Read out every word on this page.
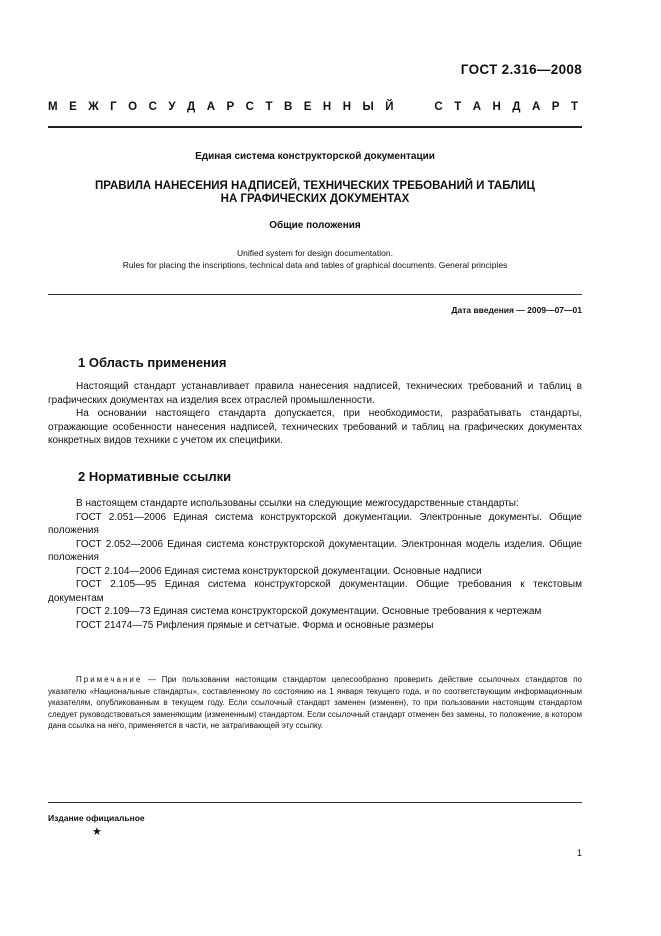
ГОСТ 2.316—2008
М Е Ж Г О С У Д А Р С Т В Е Н Н Ы Й

	С Т А Н Д А Р Т
Единая система конструкторской документации
ПРАВИЛА НАНЕСЕНИЯ НАДПИСЕЙ, ТЕХНИЧЕСКИХ ТРЕБОВАНИЙ И ТАБЛИЦ
НА ГРАФИЧЕСКИХ ДОКУМЕНТАХ
Общие положения
Unified system for design documentation.
Rules for placing the inscriptions, technical data and tables of graphical documents. General principles
Дата введения — 2009—07—01
1 Область применения

Настоящий стандарт устанавливает правила нанесения надписей, технических требований и таблиц в графических документах на изделия всех отраслей промышленности.

На основании настоящего стандарта допускается, при необходимости, разрабатывать стандарты, отражающие особенности нанесения надписей, технических требований и таблиц на графических документах конкретных видов техники с учетом их специфики.

2 Нормативные ссылки

В настоящем стандарте использованы ссылки на следующие межгосударственные стандарты:

ГОСТ 2.051—2006 Единая система конструкторской документации. Электронные документы. Общие положения

ГОСТ 2.052—2006 Единая система конструкторской документации. Электронная модель изделия. Общие положения

ГОСТ 2.104—2006 Единая система конструкторской документации. Основные надписи

ГОСТ 2.105—95 Единая система конструкторской документации. Общие требования к текстовым документам

ГОСТ 2.109—73 Единая система конструкторской документации. Основные требования к чертежам

ГОСТ 21474—75 Рифления прямые и сетчатые. Форма и основные размеры

Примечание — При пользовании настоящим стандартом целесообразно проверить действие ссылочных стандартов по указателю «Национальные стандарты», составленному по состоянию на 1 января текущего года, и по соответствующим информационным указателям, опубликованным в текущем году. Если ссылочный стандарт заменен (изменен), то при пользовании настоящим стандартом следует руководствоваться заменяющим (измененным) стандартом. Если ссылочный стандарт отменен без замены, то положение, в котором дана ссылка на него, применяется в части, не затрагивающей эту ссылку.
Издание официальное
★
1
